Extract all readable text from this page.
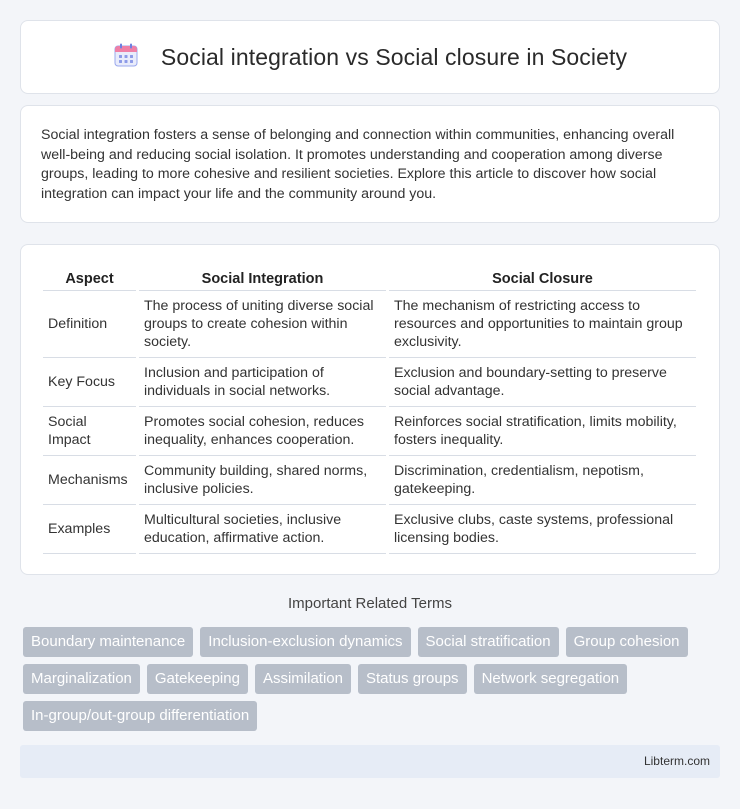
Social integration vs Social closure in Society

Social integration fosters a sense of belonging and connection within communities, enhancing overall well-being and reducing social isolation. It promotes understanding and cooperation among diverse groups, leading to more cohesive and resilient societies. Explore this article to discover how social integration can impact your life and the community around you.

Aspect	Social Integration	Social Closure
Definition	The process of uniting diverse social groups to create cohesion within society.	The mechanism of restricting access to resources and opportunities to maintain group exclusivity.
Key Focus	Inclusion and participation of individuals in social networks.	Exclusion and boundary-setting to preserve social advantage.
Social Impact	Promotes social cohesion, reduces inequality, enhances cooperation.	Reinforces social stratification, limits mobility, fosters inequality.
Mechanisms	Community building, shared norms, inclusive policies.	Discrimination, credentialism, nepotism, gatekeeping.
Examples	Multicultural societies, inclusive education, affirmative action.	Exclusive clubs, caste systems, professional licensing bodies.
Important Related Terms
Boundary maintenance	Inclusion-exclusion dynamics	Social stratification	Group cohesion
Marginalization	Gatekeeping	Assimilation	Status groups	Network segregation
In-group/out-group differentiation
Libterm.com
